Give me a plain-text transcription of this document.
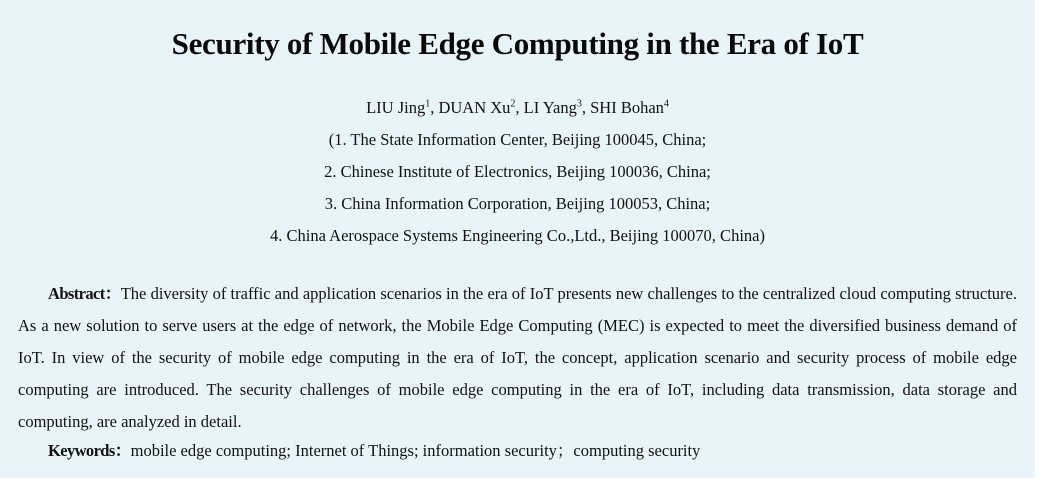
Security of Mobile Edge Computing in the Era of IoT
LIU Jing$^1$, DUAN Xu$^2$, LI Yang$^3$, SHI Bohan$^4$
(1. The State Information Center, Beijing 100045, China;
2. Chinese Institute of Electronics, Beijing 100036, China;
3. China Information Corporation, Beijing 100053, China;
4. China Aerospace Systems Engineering Co.,Ltd., Beijing 100070, China)
Abstract：The diversity of traffic and application scenarios in the era of IoT presents new challenges to the centralized cloud computing structure. As a new solution to serve users at the edge of network, the Mobile Edge Computing (MEC) is expected to meet the diversified business demand of IoT. In view of the security of mobile edge computing in the era of IoT, the concept, application scenario and security process of mobile edge computing are introduced. The security challenges of mobile edge computing in the era of IoT, including data transmission, data storage and computing, are analyzed in detail.
Keywords：mobile edge computing; Internet of Things; information security；computing security
